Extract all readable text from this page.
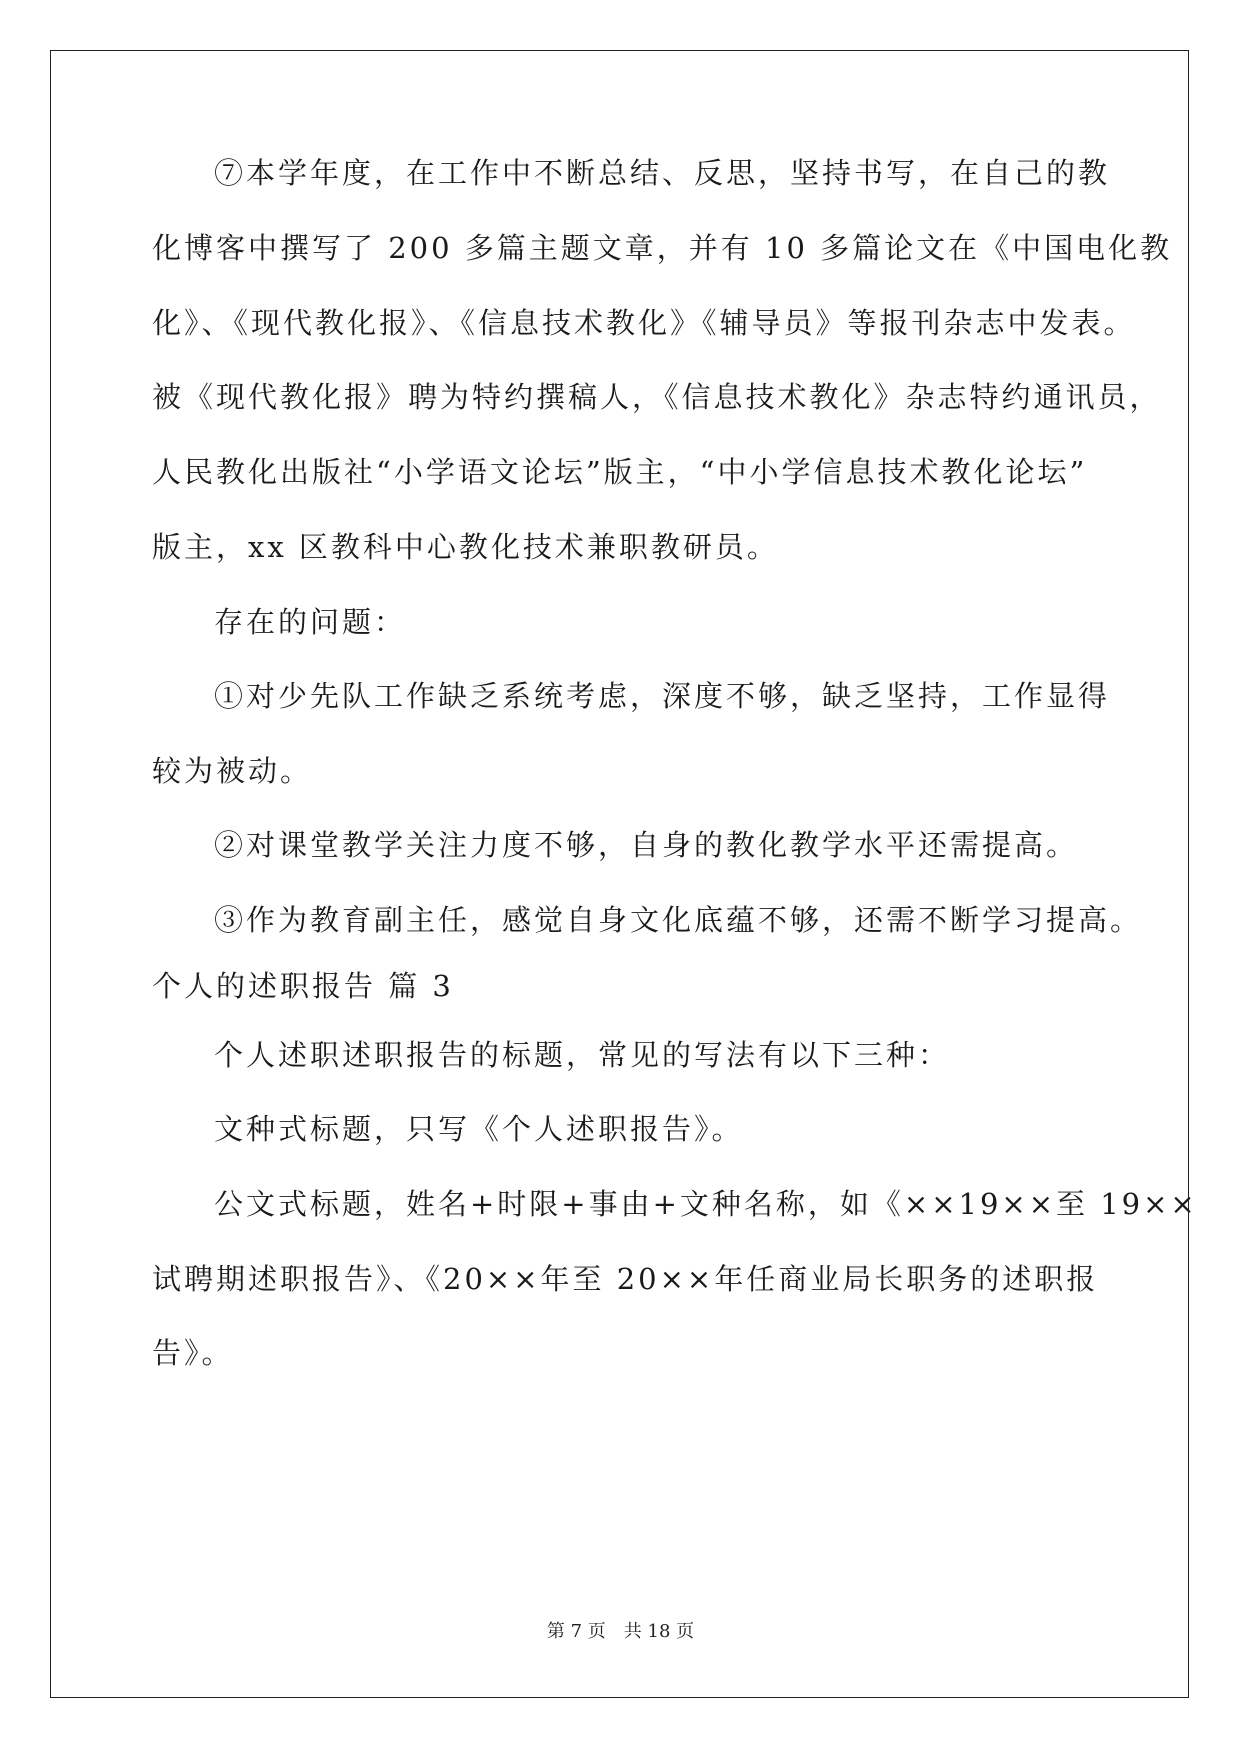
⑦本学年度，在工作中不断总结、反思，坚持书写，在自己的教
化博客中撰写了 200 多篇主题文章，并有 10 多篇论文在《中国电化教
化》、《现代教化报》、《信息技术教化》《辅导员》等报刊杂志中发表。
被《现代教化报》聘为特约撰稿人，《信息技术教化》杂志特约通讯员，
人民教化出版社“小学语文论坛”版主，“中小学信息技术教化论坛”
版主，xx 区教科中心教化技术兼职教研员。
存在的问题：
①对少先队工作缺乏系统考虑，深度不够，缺乏坚持，工作显得
较为被动。
②对课堂教学关注力度不够，自身的教化教学水平还需提高。
③作为教育副主任，感觉自身文化底蕴不够，还需不断学习提高。
个人的述职报告 篇 3
个人述职述职报告的标题，常见的写法有以下三种：
文种式标题，只写《个人述职报告》。
公文式标题，姓名+时限+事由+文种名称，如《××19××至 19××
试聘期述职报告》、《20××年至 20××年任商业局长职务的述职报
告》。
第 7 页　共 18 页
